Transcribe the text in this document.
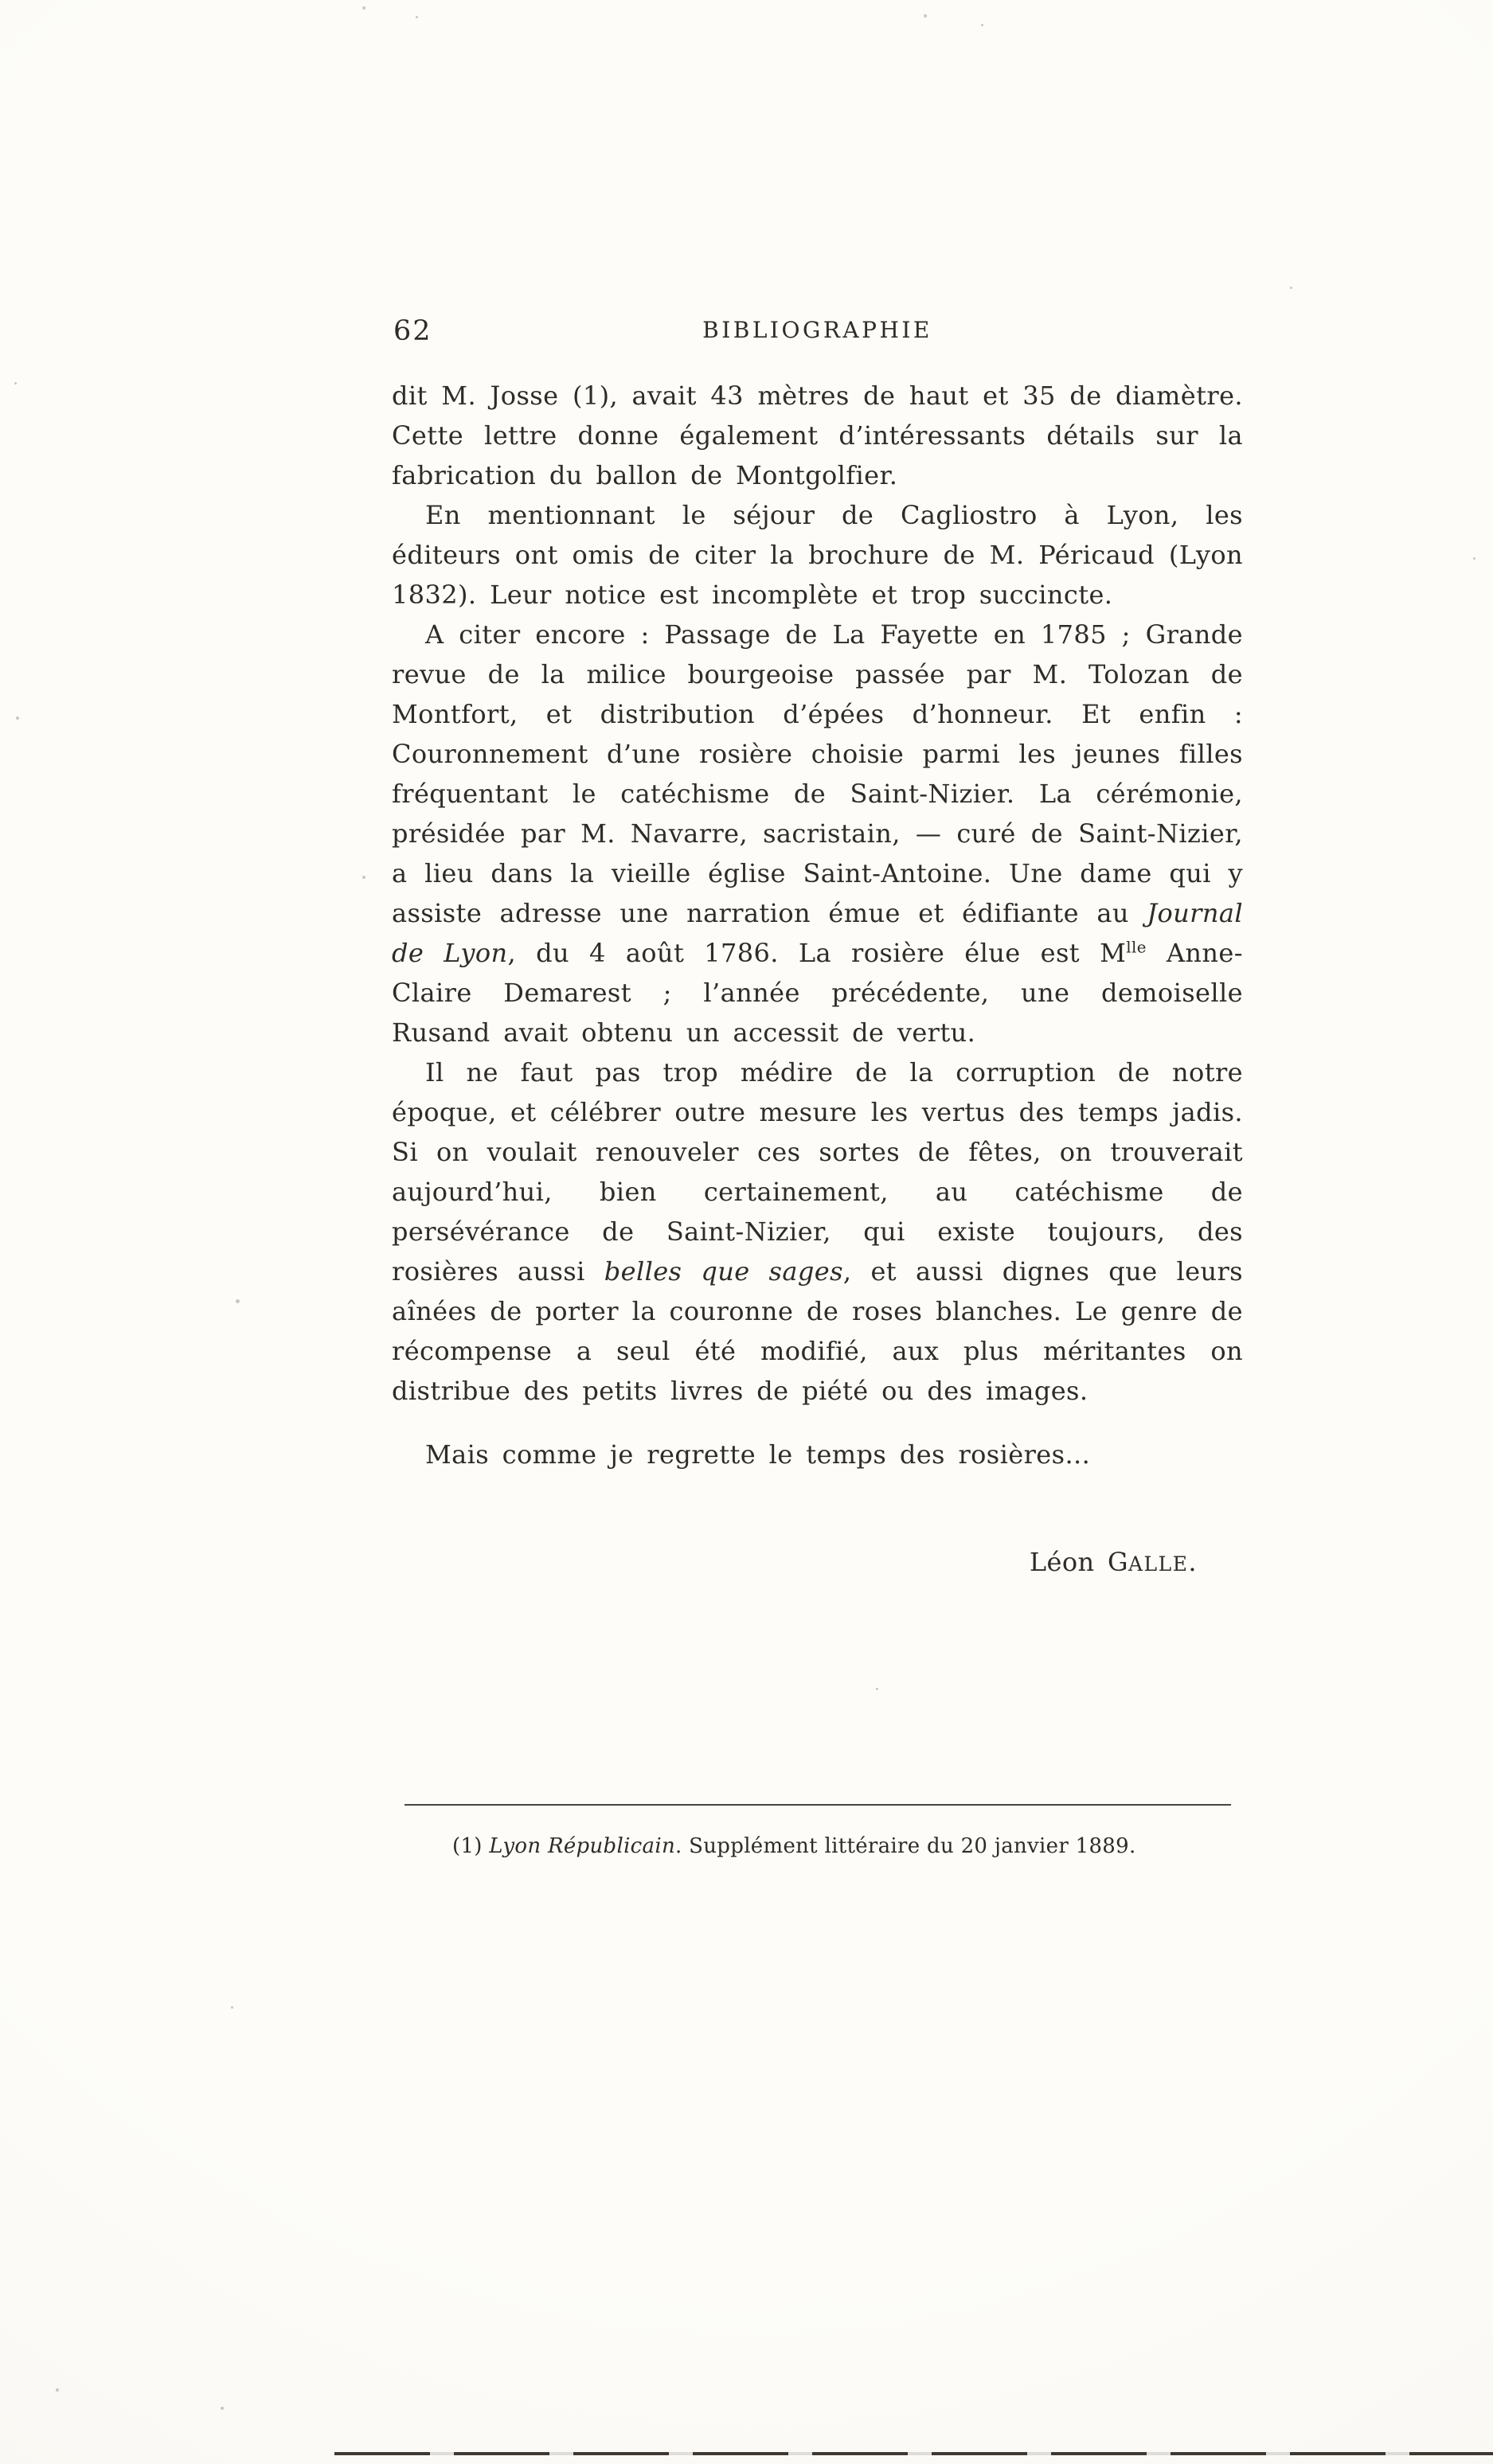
62	BIBLIOGRAPHIE

dit M. Josse (1), avait 43 mètres de haut et 35 de diamètre. Cette lettre donne également d’intéressants détails sur la fabrication du ballon de Montgolfier.

En mentionnant le séjour de Cagliostro à Lyon, les éditeurs ont omis de citer la brochure de M. Péricaud (Lyon 1832). Leur notice est incomplète et trop succincte.

A citer encore : Passage de La Fayette en 1785 ; Grande revue de la milice bourgeoise passée par M. Tolozan de Montfort, et distribution d’épées d’honneur. Et enfin : Couronnement d’une rosière choisie parmi les jeunes filles fréquentant le catéchisme de Saint-Nizier. La cérémonie, présidée par M. Navarre, sacristain, — curé de Saint-Nizier, a lieu dans la vieille église Saint-Antoine. Une dame qui y assiste adresse une narration émue et édifiante au Journal de Lyon, du 4 août 1786. La rosière élue est $M^{lle}$ Anne-Claire Demarest ; l’année précédente, une demoiselle Rusand avait obtenu un accessit de vertu.

Il ne faut pas trop médire de la corruption de notre époque, et célébrer outre mesure les vertus des temps jadis. Si on voulait renouveler ces sortes de fêtes, on trouverait aujourd’hui, bien certainement, au catéchisme de persévérance de Saint-Nizier, qui existe toujours, des rosières aussi belles que sages, et aussi dignes que leurs aînées de porter la couronne de roses blanches. Le genre de récompense a seul été modifié, aux plus méritantes on distribue des petits livres de piété ou des images.

Mais comme je regrette le temps des rosières...

Léon GALLE.
(1) Lyon Républicain. Supplément littéraire du 20 janvier 1889.
